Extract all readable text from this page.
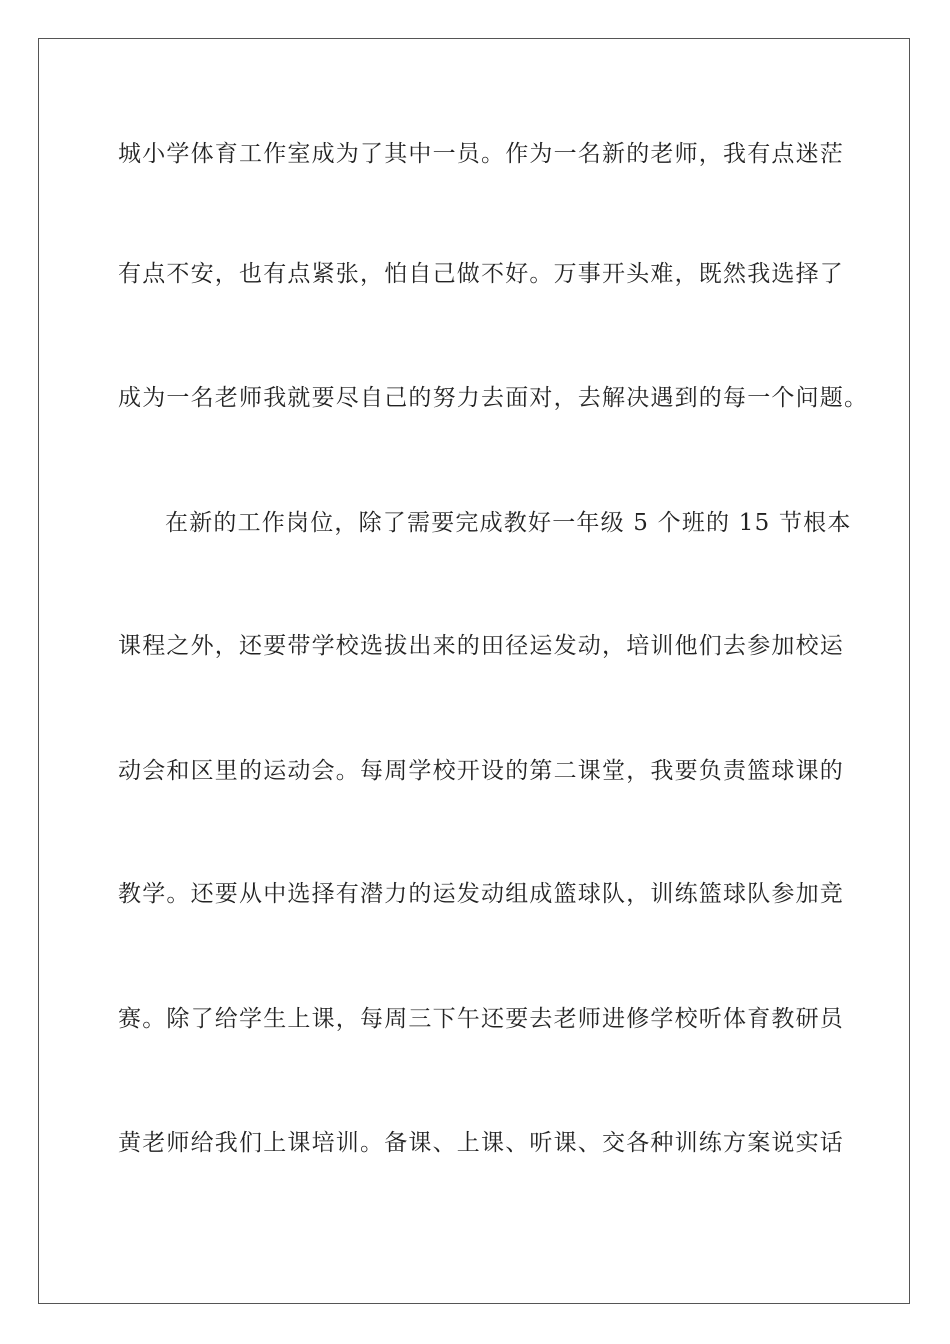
城小学体育工作室成为了其中一员。作为一名新的老师，我有点迷茫
有点不安，也有点紧张，怕自己做不好。万事开头难，既然我选择了
成为一名老师我就要尽自己的努力去面对，去解决遇到的每一个问题。
在新的工作岗位，除了需要完成教好一年级 5 个班的 15 节根本
课程之外，还要带学校选拔出来的田径运发动，培训他们去参加校运
动会和区里的运动会。每周学校开设的第二课堂，我要负责篮球课的
教学。还要从中选择有潜力的运发动组成篮球队，训练篮球队参加竞
赛。除了给学生上课，每周三下午还要去老师进修学校听体育教研员
黄老师给我们上课培训。备课、上课、听课、交各种训练方案说实话
